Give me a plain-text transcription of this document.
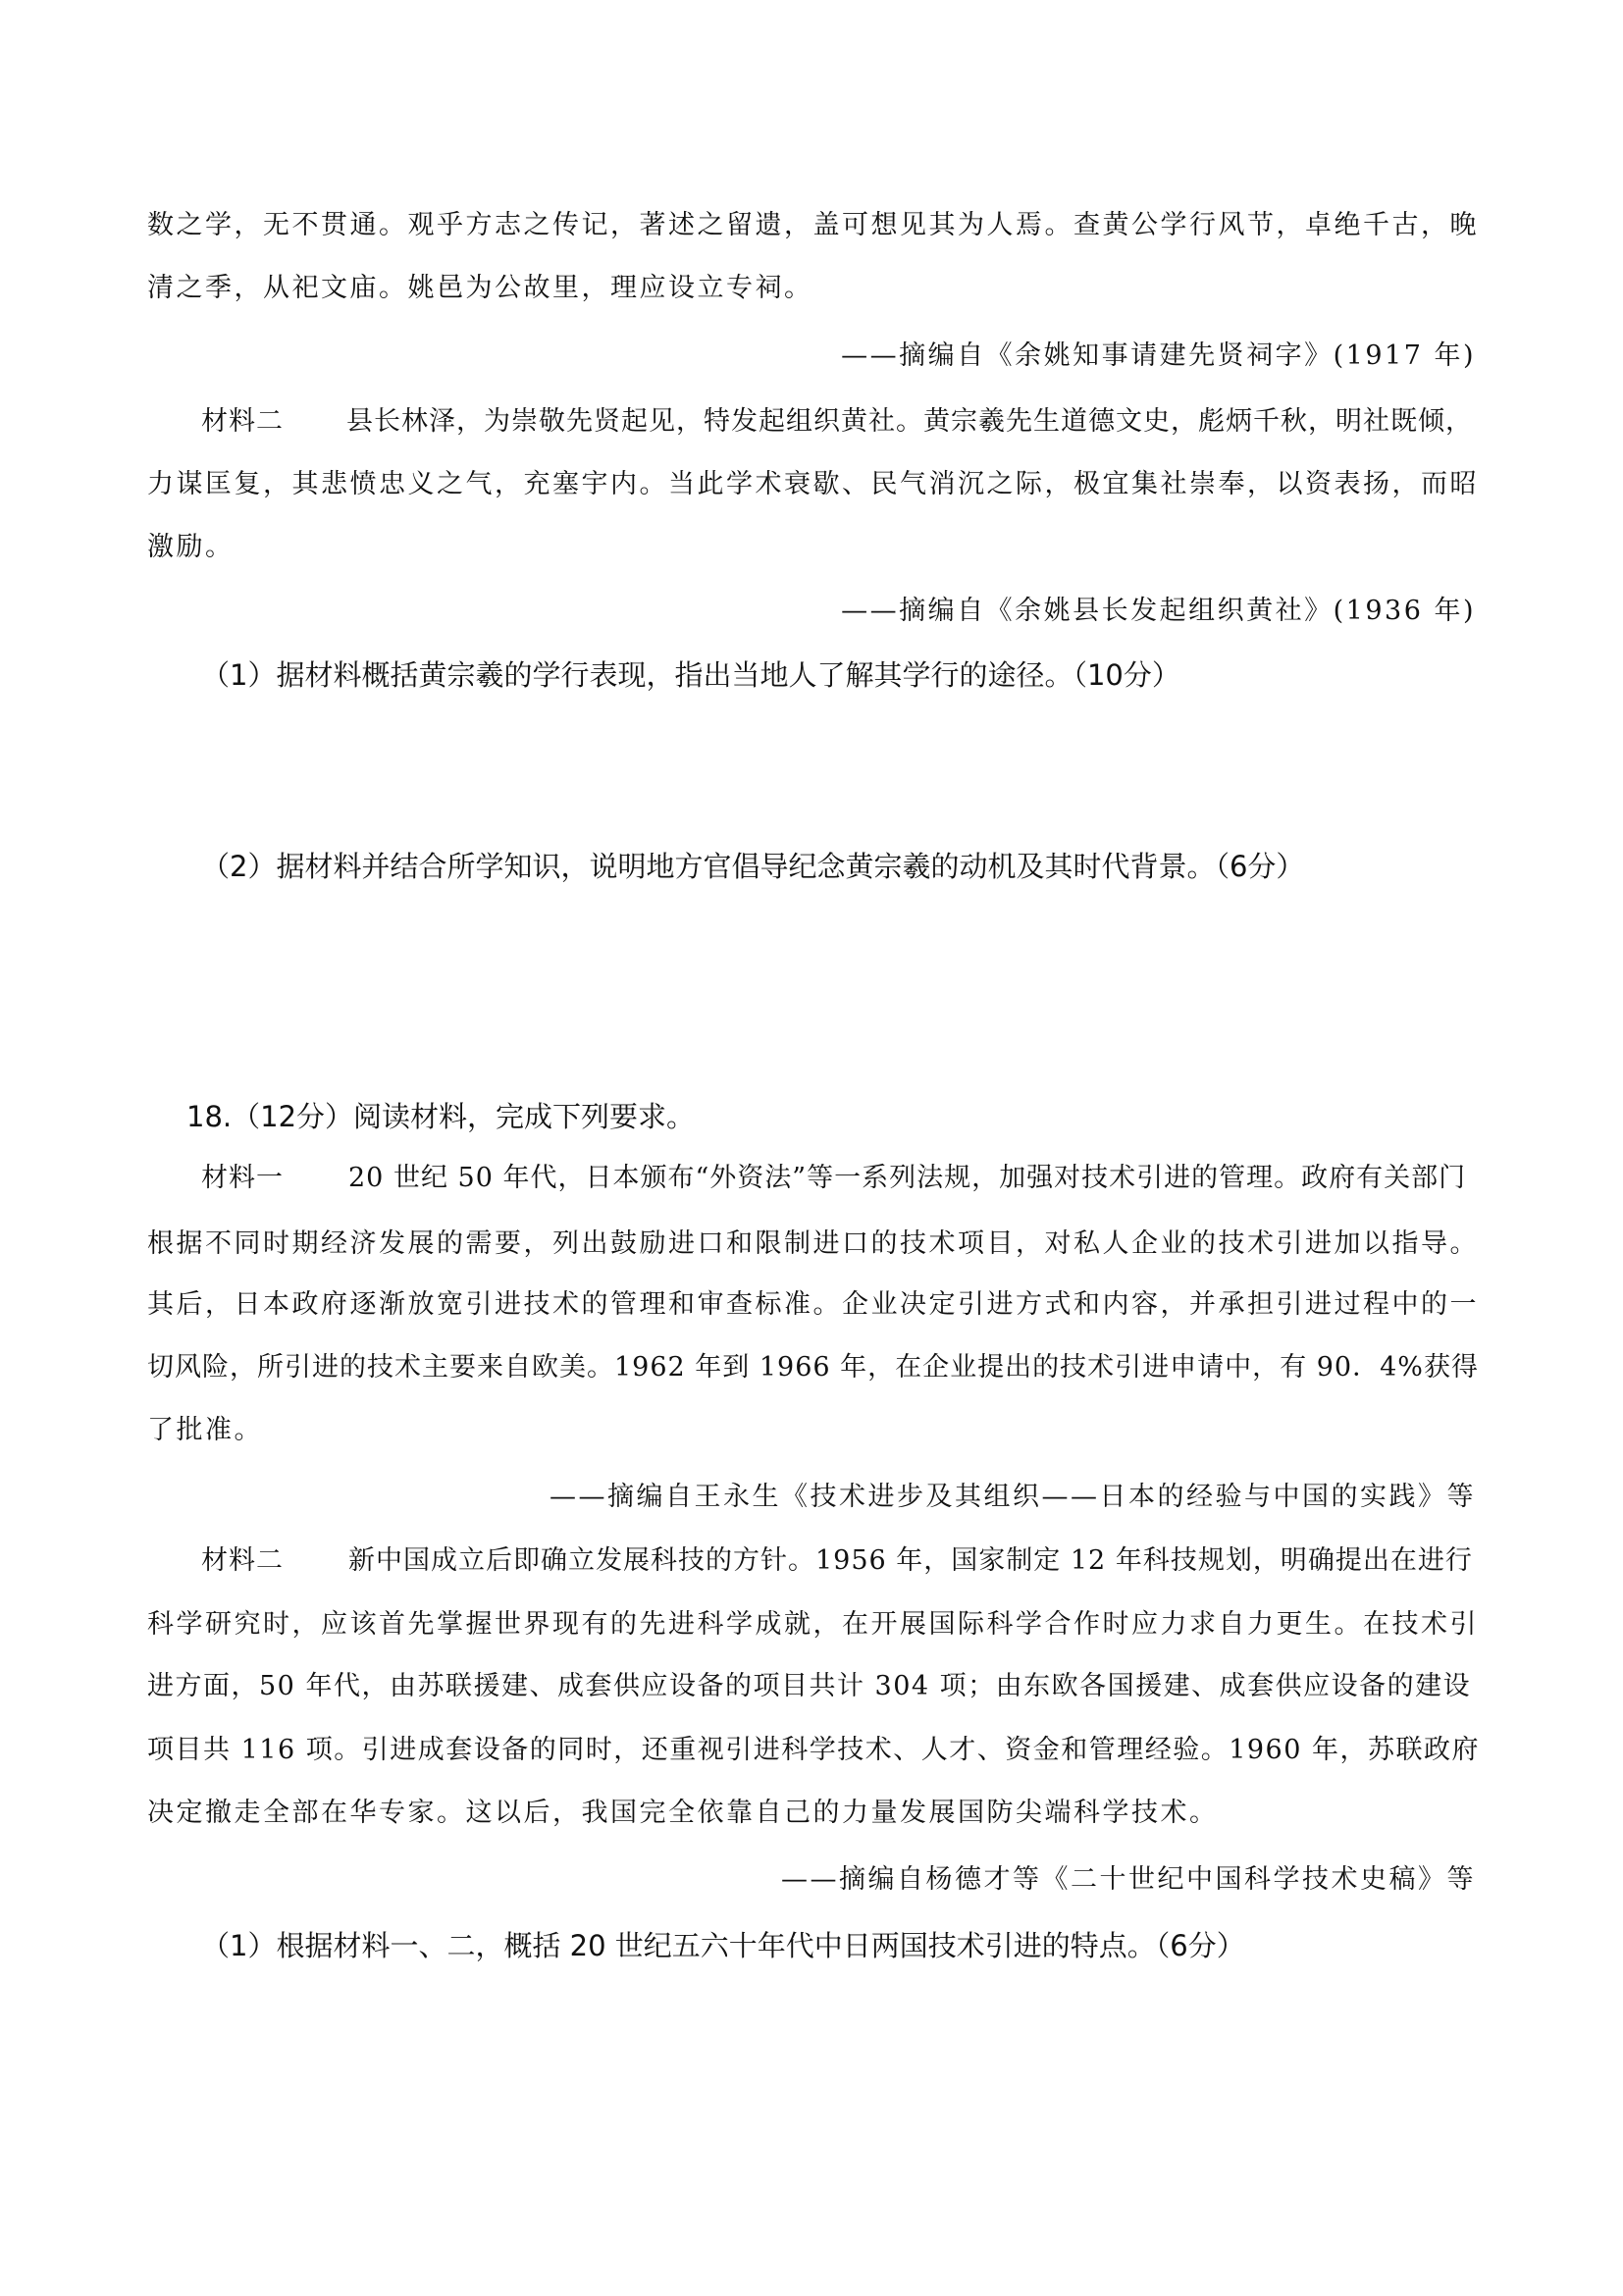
数之学，无不贯通。观乎方志之传记，著述之留遗，盖可想见其为人焉。查黄公学行风节，卓绝千古，晚
清之季，从祀文庙。姚邑为公故里，理应设立专祠。
——摘编自《余姚知事请建先贤祠字》(1917 年)
材料二 县长林泽，为崇敬先贤起见，特发起组织黄社。黄宗羲先生道德文史，彪炳千秋，明社既倾，
力谋匡复，其悲愤忠义之气，充塞宇内。当此学术衰歇、民气消沉之际，极宜集社崇奉，以资表扬，而昭
激励。
——摘编自《余姚县长发起组织黄社》(1936 年)
（1）据材料概括黄宗羲的学行表现，指出当地人了解其学行的途径。（10分）
（2）据材料并结合所学知识，说明地方官倡导纪念黄宗羲的动机及其时代背景。（6分）
18.（12分）阅读材料，完成下列要求。
材料一 20 世纪 50 年代，日本颁布“外资法”等一系列法规，加强对技术引进的管理。政府有关部门
根据不同时期经济发展的需要，列出鼓励进口和限制进口的技术项目，对私人企业的技术引进加以指导。
其后，日本政府逐渐放宽引进技术的管理和审查标准。企业决定引进方式和内容，并承担引进过程中的一
切风险，所引进的技术主要来自欧美。1962 年到 1966 年，在企业提出的技术引进申请中，有 90．4%获得
了批准。
——摘编自王永生《技术进步及其组织——日本的经验与中国的实践》等
材料二 新中国成立后即确立发展科技的方针。1956 年，国家制定 12 年科技规划，明确提出在进行
科学研究时，应该首先掌握世界现有的先进科学成就，在开展国际科学合作时应力求自力更生。在技术引
进方面，50 年代，由苏联援建、成套供应设备的项目共计 304 项；由东欧各国援建、成套供应设备的建设
项目共 116 项。引进成套设备的同时，还重视引进科学技术、人才、资金和管理经验。1960 年，苏联政府
决定撤走全部在华专家。这以后，我国完全依靠自己的力量发展国防尖端科学技术。
——摘编自杨德才等《二十世纪中国科学技术史稿》等
（1）根据材料一、二，概括 20 世纪五六十年代中日两国技术引进的特点。（6分）
